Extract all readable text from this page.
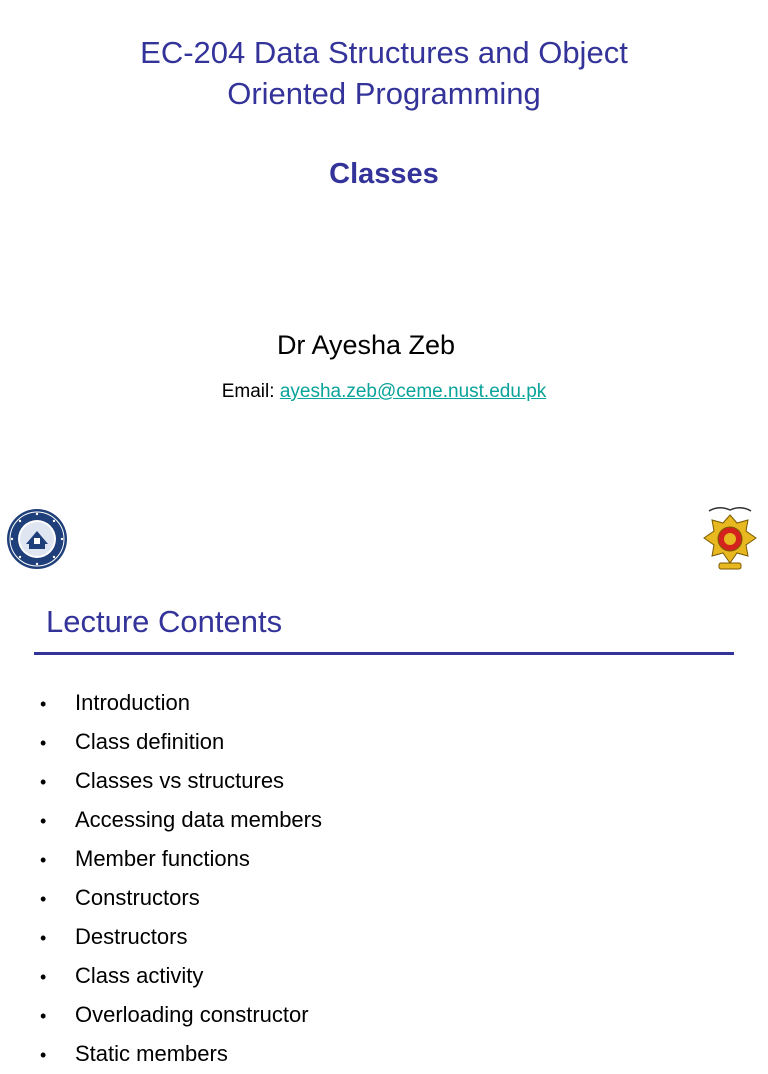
EC-204 Data Structures and Object
Oriented Programming
Classes
Dr Ayesha Zeb
Email: ayesha.zeb@ceme.nust.edu.pk
Lecture Contents
•	Introduction
•	Class definition
•	Classes vs structures
•	Accessing data members
•	Member functions
•	Constructors
•	Destructors
•	Class activity
•	Overloading constructor
•	Static members
